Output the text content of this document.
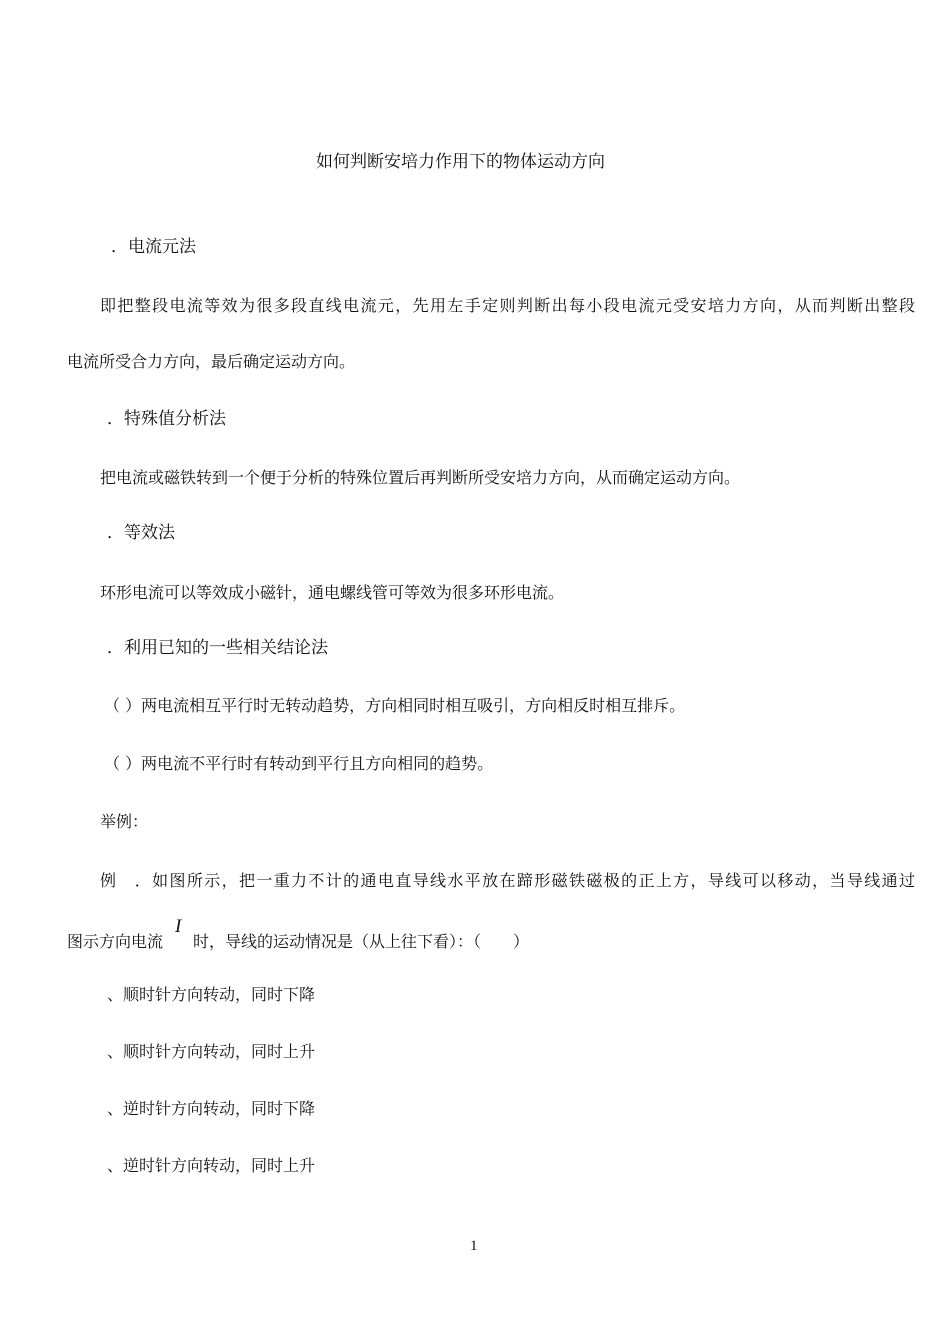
如何判断安培力作用下的物体运动方向
．电流元法
即把整段电流等效为很多段直线电流元，先用左手定则判断出每小段电流元受安培力方向，从而判断出整段
电流所受合力方向，最后确定运动方向。
．特殊值分析法
把电流或磁铁转到一个便于分析的特殊位置后再判断所受安培力方向，从而确定运动方向。
．等效法
环形电流可以等效成小磁针，通电螺线管可等效为很多环形电流。
．利用已知的一些相关结论法
（ ）两电流相互平行时无转动趋势，方向相同时相互吸引，方向相反时相互排斥。
（ ）两电流不平行时有转动到平行且方向相同的趋势。
举例：
例　．如图所示，把一重力不计的通电直导线水平放在蹄形磁铁磁极的正上方，导线可以移动，当导线通过
图示方向电流
I
时，导线的运动情况是（从上往下看）：（　　）
、顺时针方向转动，同时下降
、顺时针方向转动，同时上升
、逆时针方向转动，同时下降
、逆时针方向转动，同时上升
1
